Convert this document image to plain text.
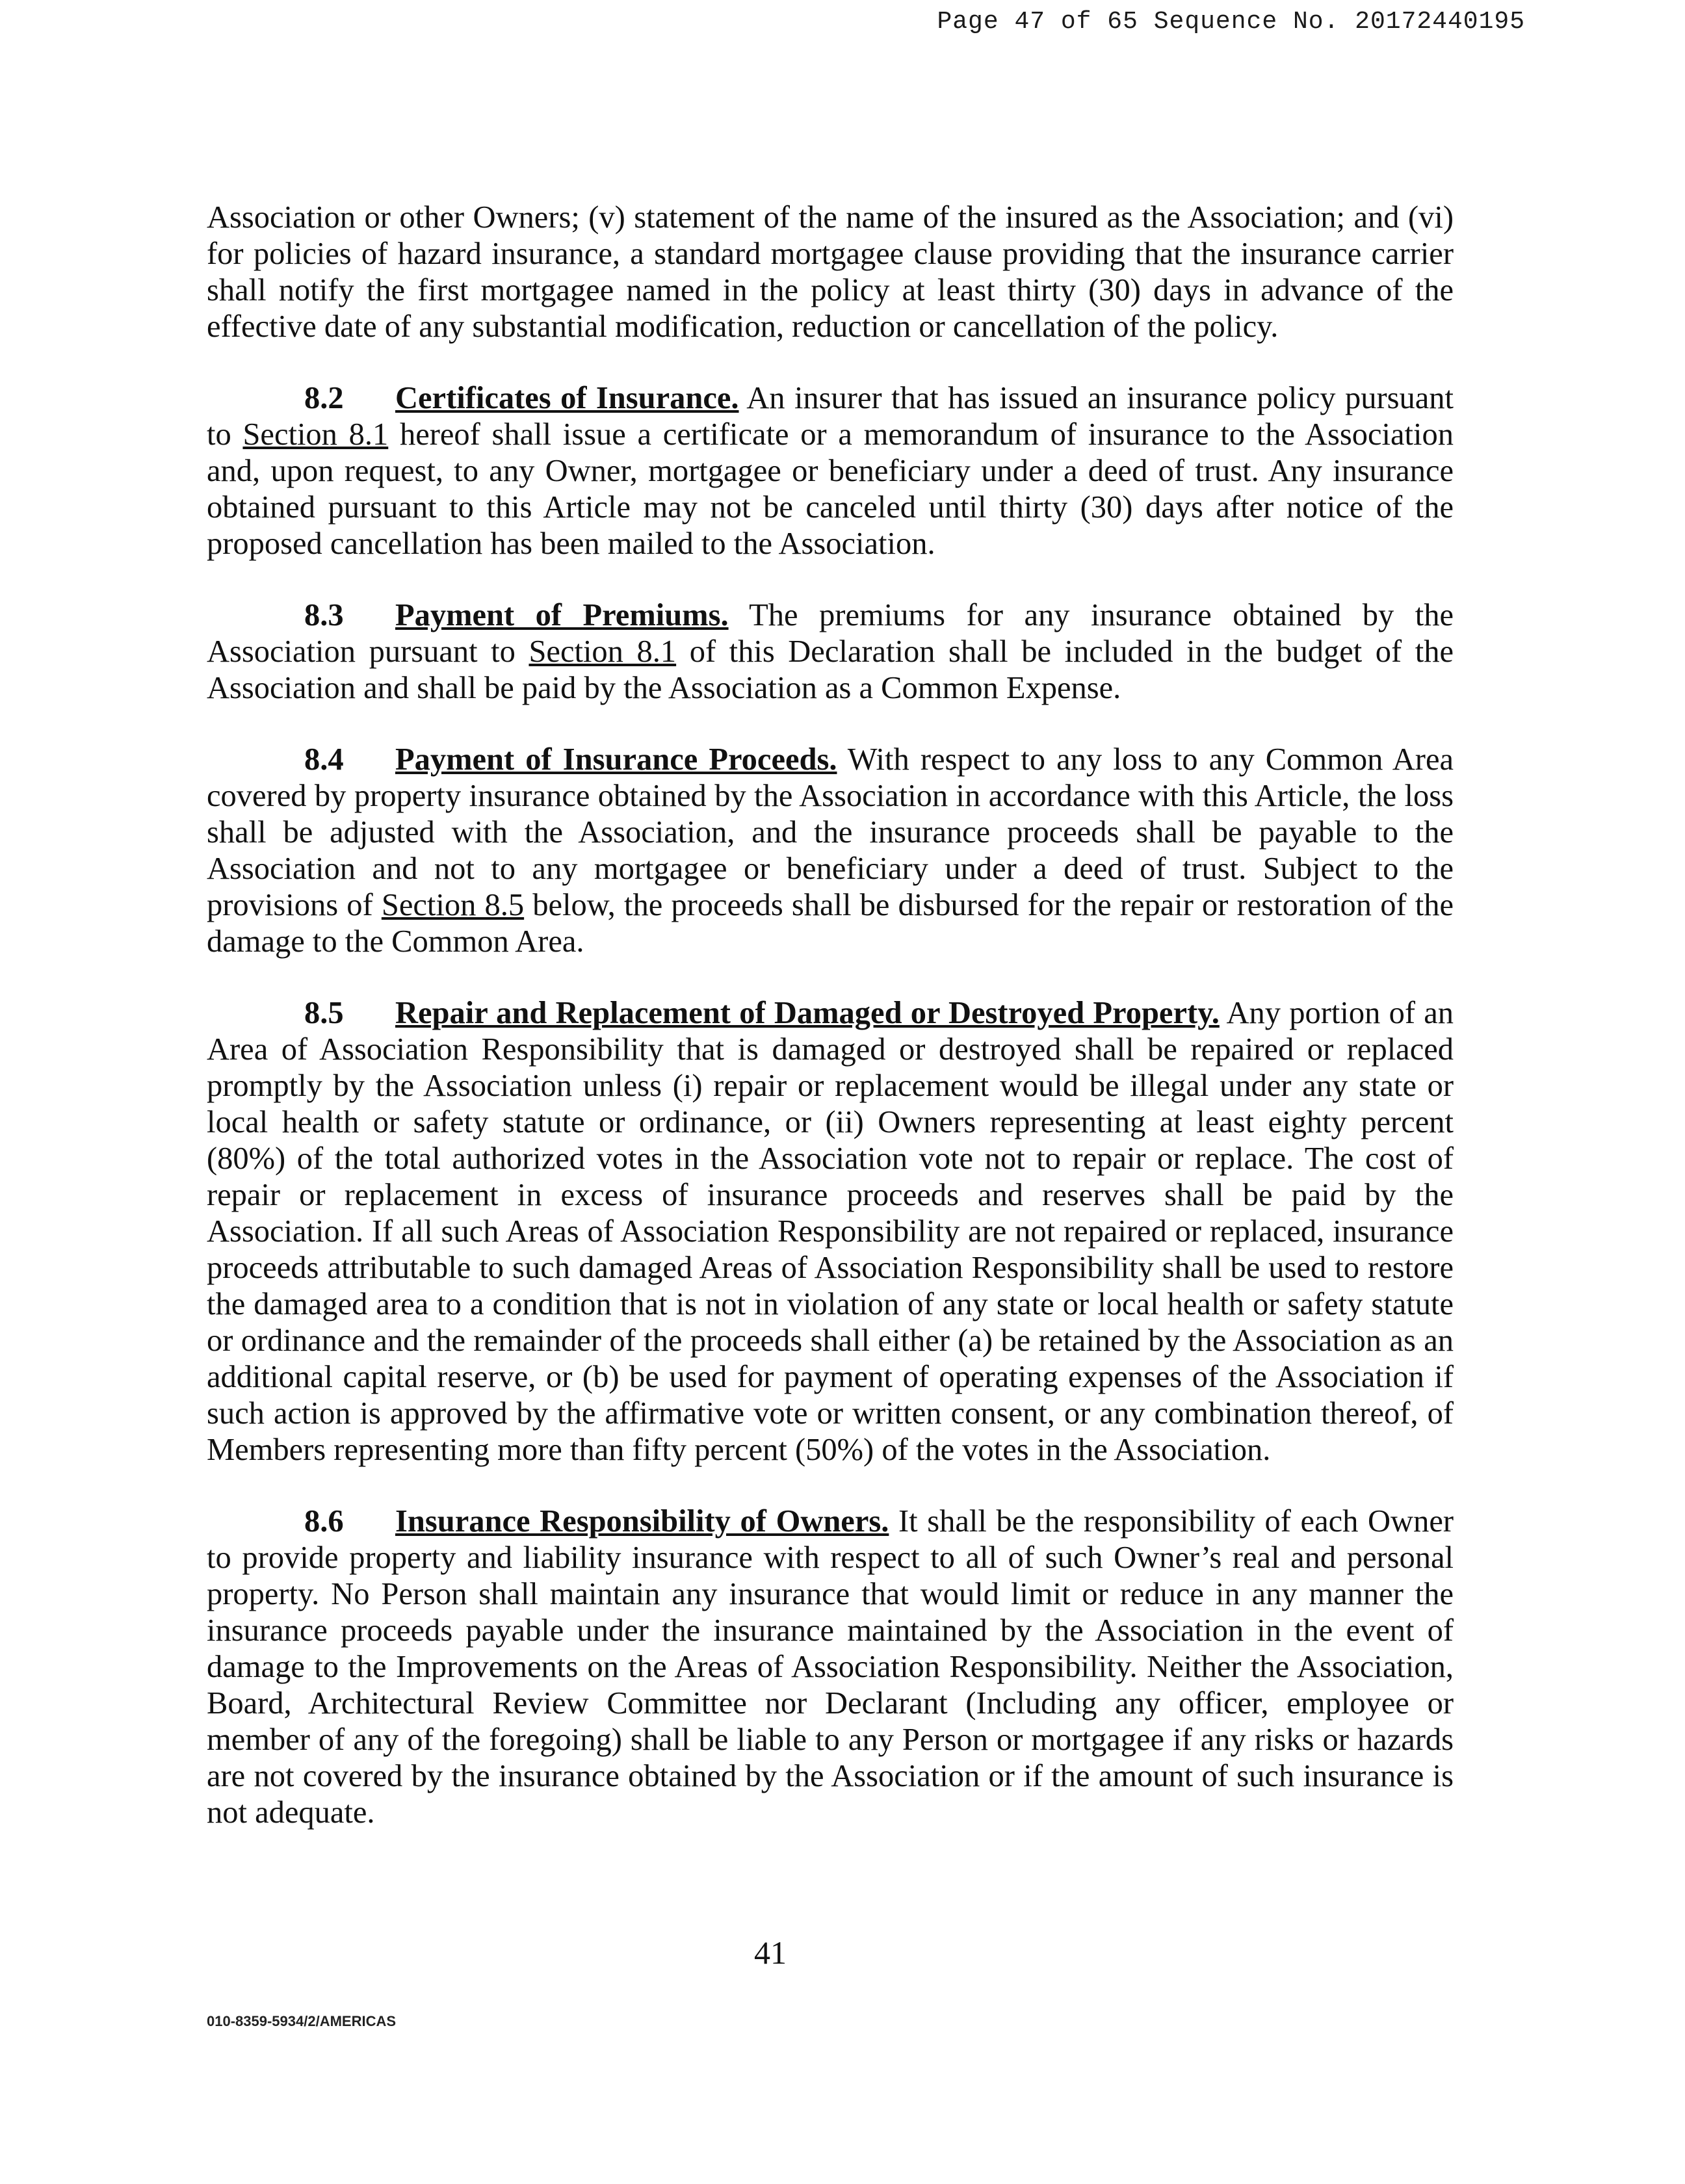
Page 47 of 65 Sequence No. 20172440195

Association or other Owners; (v) statement of the name of the insured as the Association; and (vi) for policies of hazard insurance, a standard mortgagee clause providing that the insurance carrier shall notify the first mortgagee named in the policy at least thirty (30) days in advance of the effective date of any substantial modification, reduction or cancellation of the policy.

8.2 Certificates of Insurance. An insurer that has issued an insurance policy pursuant to Section 8.1 hereof shall issue a certificate or a memorandum of insurance to the Association and, upon request, to any Owner, mortgagee or beneficiary under a deed of trust. Any insurance obtained pursuant to this Article may not be canceled until thirty (30) days after notice of the proposed cancellation has been mailed to the Association.

8.3 Payment of Premiums. The premiums for any insurance obtained by the Association pursuant to Section 8.1 of this Declaration shall be included in the budget of the Association and shall be paid by the Association as a Common Expense.

8.4 Payment of Insurance Proceeds. With respect to any loss to any Common Area covered by property insurance obtained by the Association in accordance with this Article, the loss shall be adjusted with the Association, and the insurance proceeds shall be payable to the Association and not to any mortgagee or beneficiary under a deed of trust. Subject to the provisions of Section 8.5 below, the proceeds shall be disbursed for the repair or restoration of the damage to the Common Area.

8.5 Repair and Replacement of Damaged or Destroyed Property. Any portion of an Area of Association Responsibility that is damaged or destroyed shall be repaired or replaced promptly by the Association unless (i) repair or replacement would be illegal under any state or local health or safety statute or ordinance, or (ii) Owners representing at least eighty percent (80%) of the total authorized votes in the Association vote not to repair or replace. The cost of repair or replacement in excess of insurance proceeds and reserves shall be paid by the Association. If all such Areas of Association Responsibility are not repaired or replaced, insurance proceeds attributable to such damaged Areas of Association Responsibility shall be used to restore the damaged area to a condition that is not in violation of any state or local health or safety statute or ordinance and the remainder of the proceeds shall either (a) be retained by the Association as an additional capital reserve, or (b) be used for payment of operating expenses of the Association if such action is approved by the affirmative vote or written consent, or any combination thereof, of Members representing more than fifty percent (50%) of the votes in the Association.

8.6 Insurance Responsibility of Owners. It shall be the responsibility of each Owner to provide property and liability insurance with respect to all of such Owner’s real and personal property. No Person shall maintain any insurance that would limit or reduce in any manner the insurance proceeds payable under the insurance maintained by the Association in the event of damage to the Improvements on the Areas of Association Responsibility. Neither the Association, Board, Architectural Review Committee nor Declarant (Including any officer, employee or member of any of the foregoing) shall be liable to any Person or mortgagee if any risks or hazards are not covered by the insurance obtained by the Association or if the amount of such insurance is not adequate.

41
010-8359-5934/2/AMERICAS
